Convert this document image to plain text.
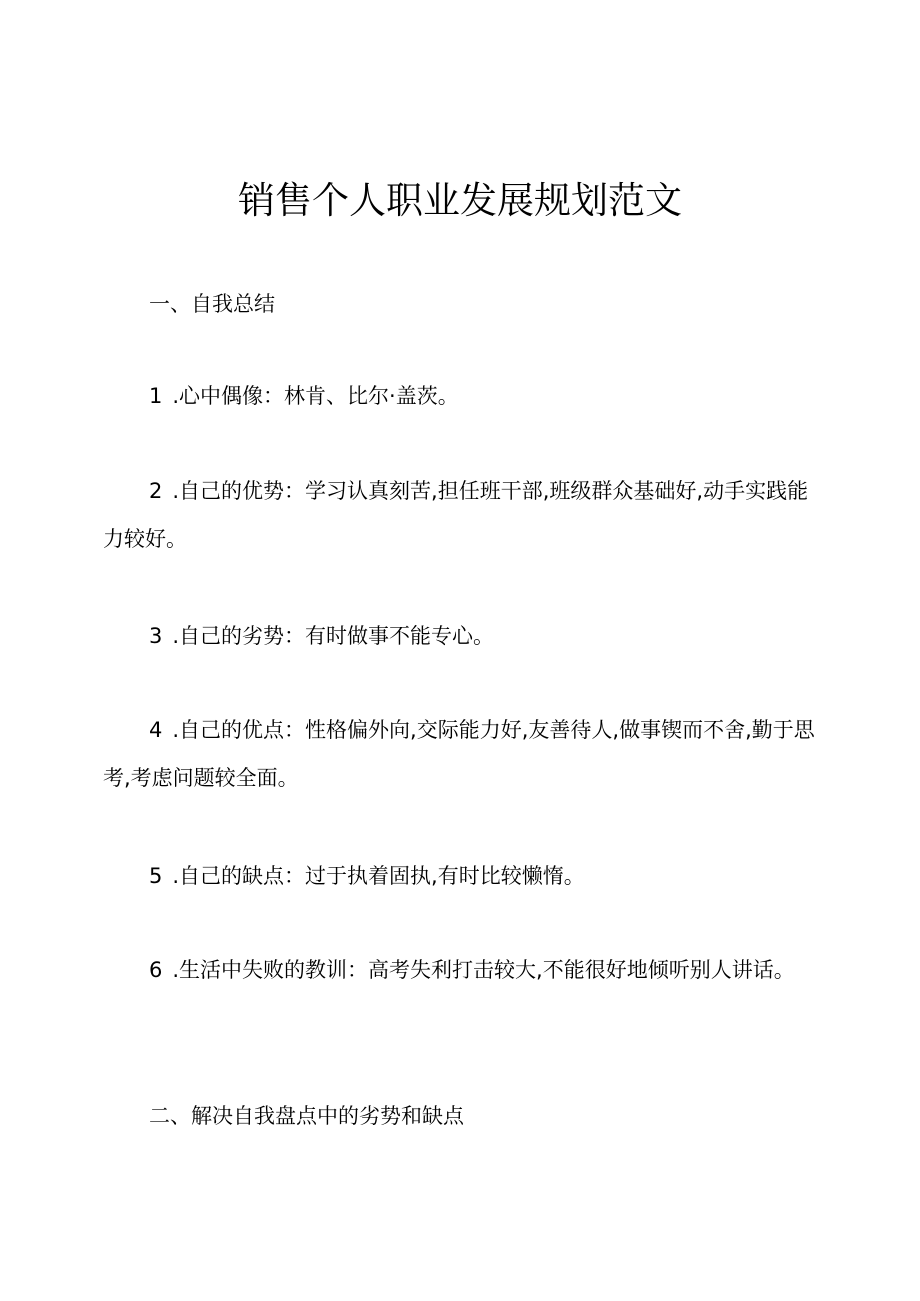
销售个人职业发展规划范文

一、自我总结

1 .心中偶像：林肯、比尔·盖茨。

2 .自己的优势：学习认真刻苦,担任班干部,班级群众基础好,动手实践能力较好。

3 .自己的劣势：有时做事不能专心。

4 .自己的优点：性格偏外向,交际能力好,友善待人,做事锲而不舍,勤于思考,考虑问题较全面。

5 .自己的缺点：过于执着固执,有时比较懒惰。

6 .生活中失败的教训：高考失利打击较大,不能很好地倾听别人讲话。

二、解决自我盘点中的劣势和缺点
